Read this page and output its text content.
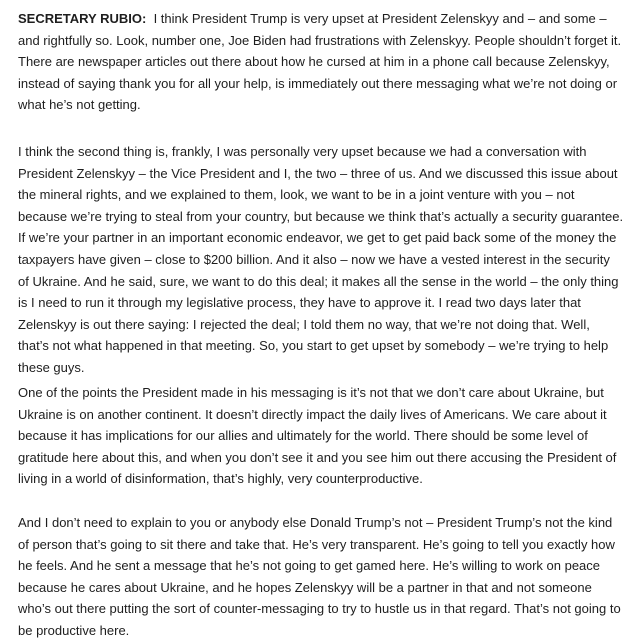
SECRETARY RUBIO: I think President Trump is very upset at President Zelenskyy and – and some – and rightfully so. Look, number one, Joe Biden had frustrations with Zelenskyy. People shouldn’t forget it. There are newspaper articles out there about how he cursed at him in a phone call because Zelenskyy, instead of saying thank you for all your help, is immediately out there messaging what we’re not doing or what he’s not getting.

I think the second thing is, frankly, I was personally very upset because we had a conversation with President Zelenskyy – the Vice President and I, the two – three of us. And we discussed this issue about the mineral rights, and we explained to them, look, we want to be in a joint venture with you – not because we’re trying to steal from your country, but because we think that’s actually a security guarantee. If we’re your partner in an important economic endeavor, we get to get paid back some of the money the taxpayers have given – close to $200 billion. And it also – now we have a vested interest in the security of Ukraine. And he said, sure, we want to do this deal; it makes all the sense in the world – the only thing is I need to run it through my legislative process, they have to approve it. I read two days later that Zelenskyy is out there saying: I rejected the deal; I told them no way, that we’re not doing that. Well, that’s not what happened in that meeting. So, you start to get upset by somebody – we’re trying to help these guys.

One of the points the President made in his messaging is it’s not that we don’t care about Ukraine, but Ukraine is on another continent. It doesn’t directly impact the daily lives of Americans. We care about it because it has implications for our allies and ultimately for the world. There should be some level of gratitude here about this, and when you don’t see it and you see him out there accusing the President of living in a world of disinformation, that’s highly, very counterproductive.

And I don’t need to explain to you or anybody else Donald Trump’s not – President Trump’s not the kind of person that’s going to sit there and take that. He’s very transparent. He’s going to tell you exactly how he feels. And he sent a message that he’s not going to get gamed here. He’s willing to work on peace because he cares about Ukraine, and he hopes Zelenskyy will be a partner in that and not someone who’s out there putting the sort of counter-messaging to try to hustle us in that regard. That’s not going to be productive here.
